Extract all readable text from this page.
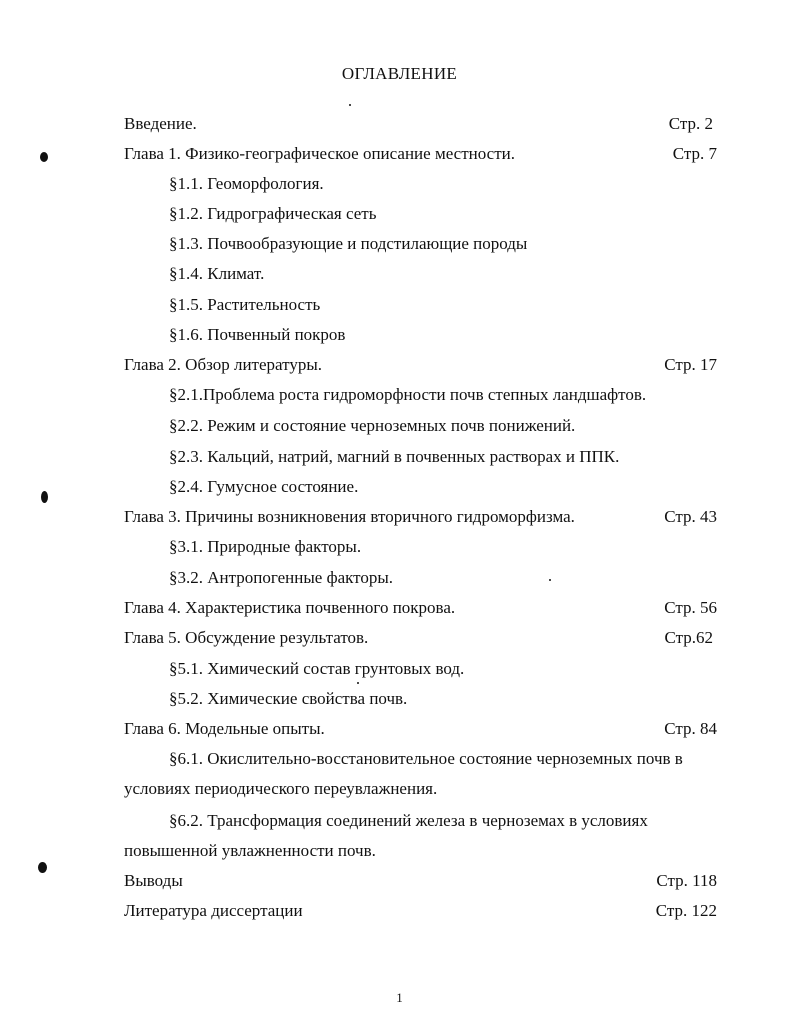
ОГЛАВЛЕНИЕ
Введение.	Стр. 2
Глава 1. Физико-географическое описание местности.	Стр. 7
§1.1. Геоморфология.
§1.2. Гидрографическая сеть
§1.3. Почвообразующие и подстилающие породы
§1.4. Климат.
§1.5. Растительность
§1.6. Почвенный покров
Глава 2. Обзор литературы.	Стр. 17
§2.1.Проблема роста гидроморфности почв степных ландшафтов.
§2.2. Режим и состояние черноземных почв понижений.
§2.3. Кальций, натрий, магний в почвенных растворах и ППК.
§2.4. Гумусное состояние.
Глава 3. Причины возникновения вторичного гидроморфизма.	Стр. 43
§3.1. Природные факторы.
§3.2. Антропогенные факторы.
Глава 4. Характеристика почвенного покрова.	Стр. 56
Глава 5. Обсуждение результатов.	Стр.62
§5.1. Химический состав грунтовых вод.
§5.2. Химические свойства почв.
Глава 6. Модельные опыты.	Стр. 84
§6.1. Окислительно-восстановительное состояние черноземных почв в условиях периодического переувлажнения.
§6.2. Трансформация соединений железа в черноземах в условиях повышенной увлажненности почв.
Выводы	Стр. 118
Литература диссертации	Стр. 122
1
